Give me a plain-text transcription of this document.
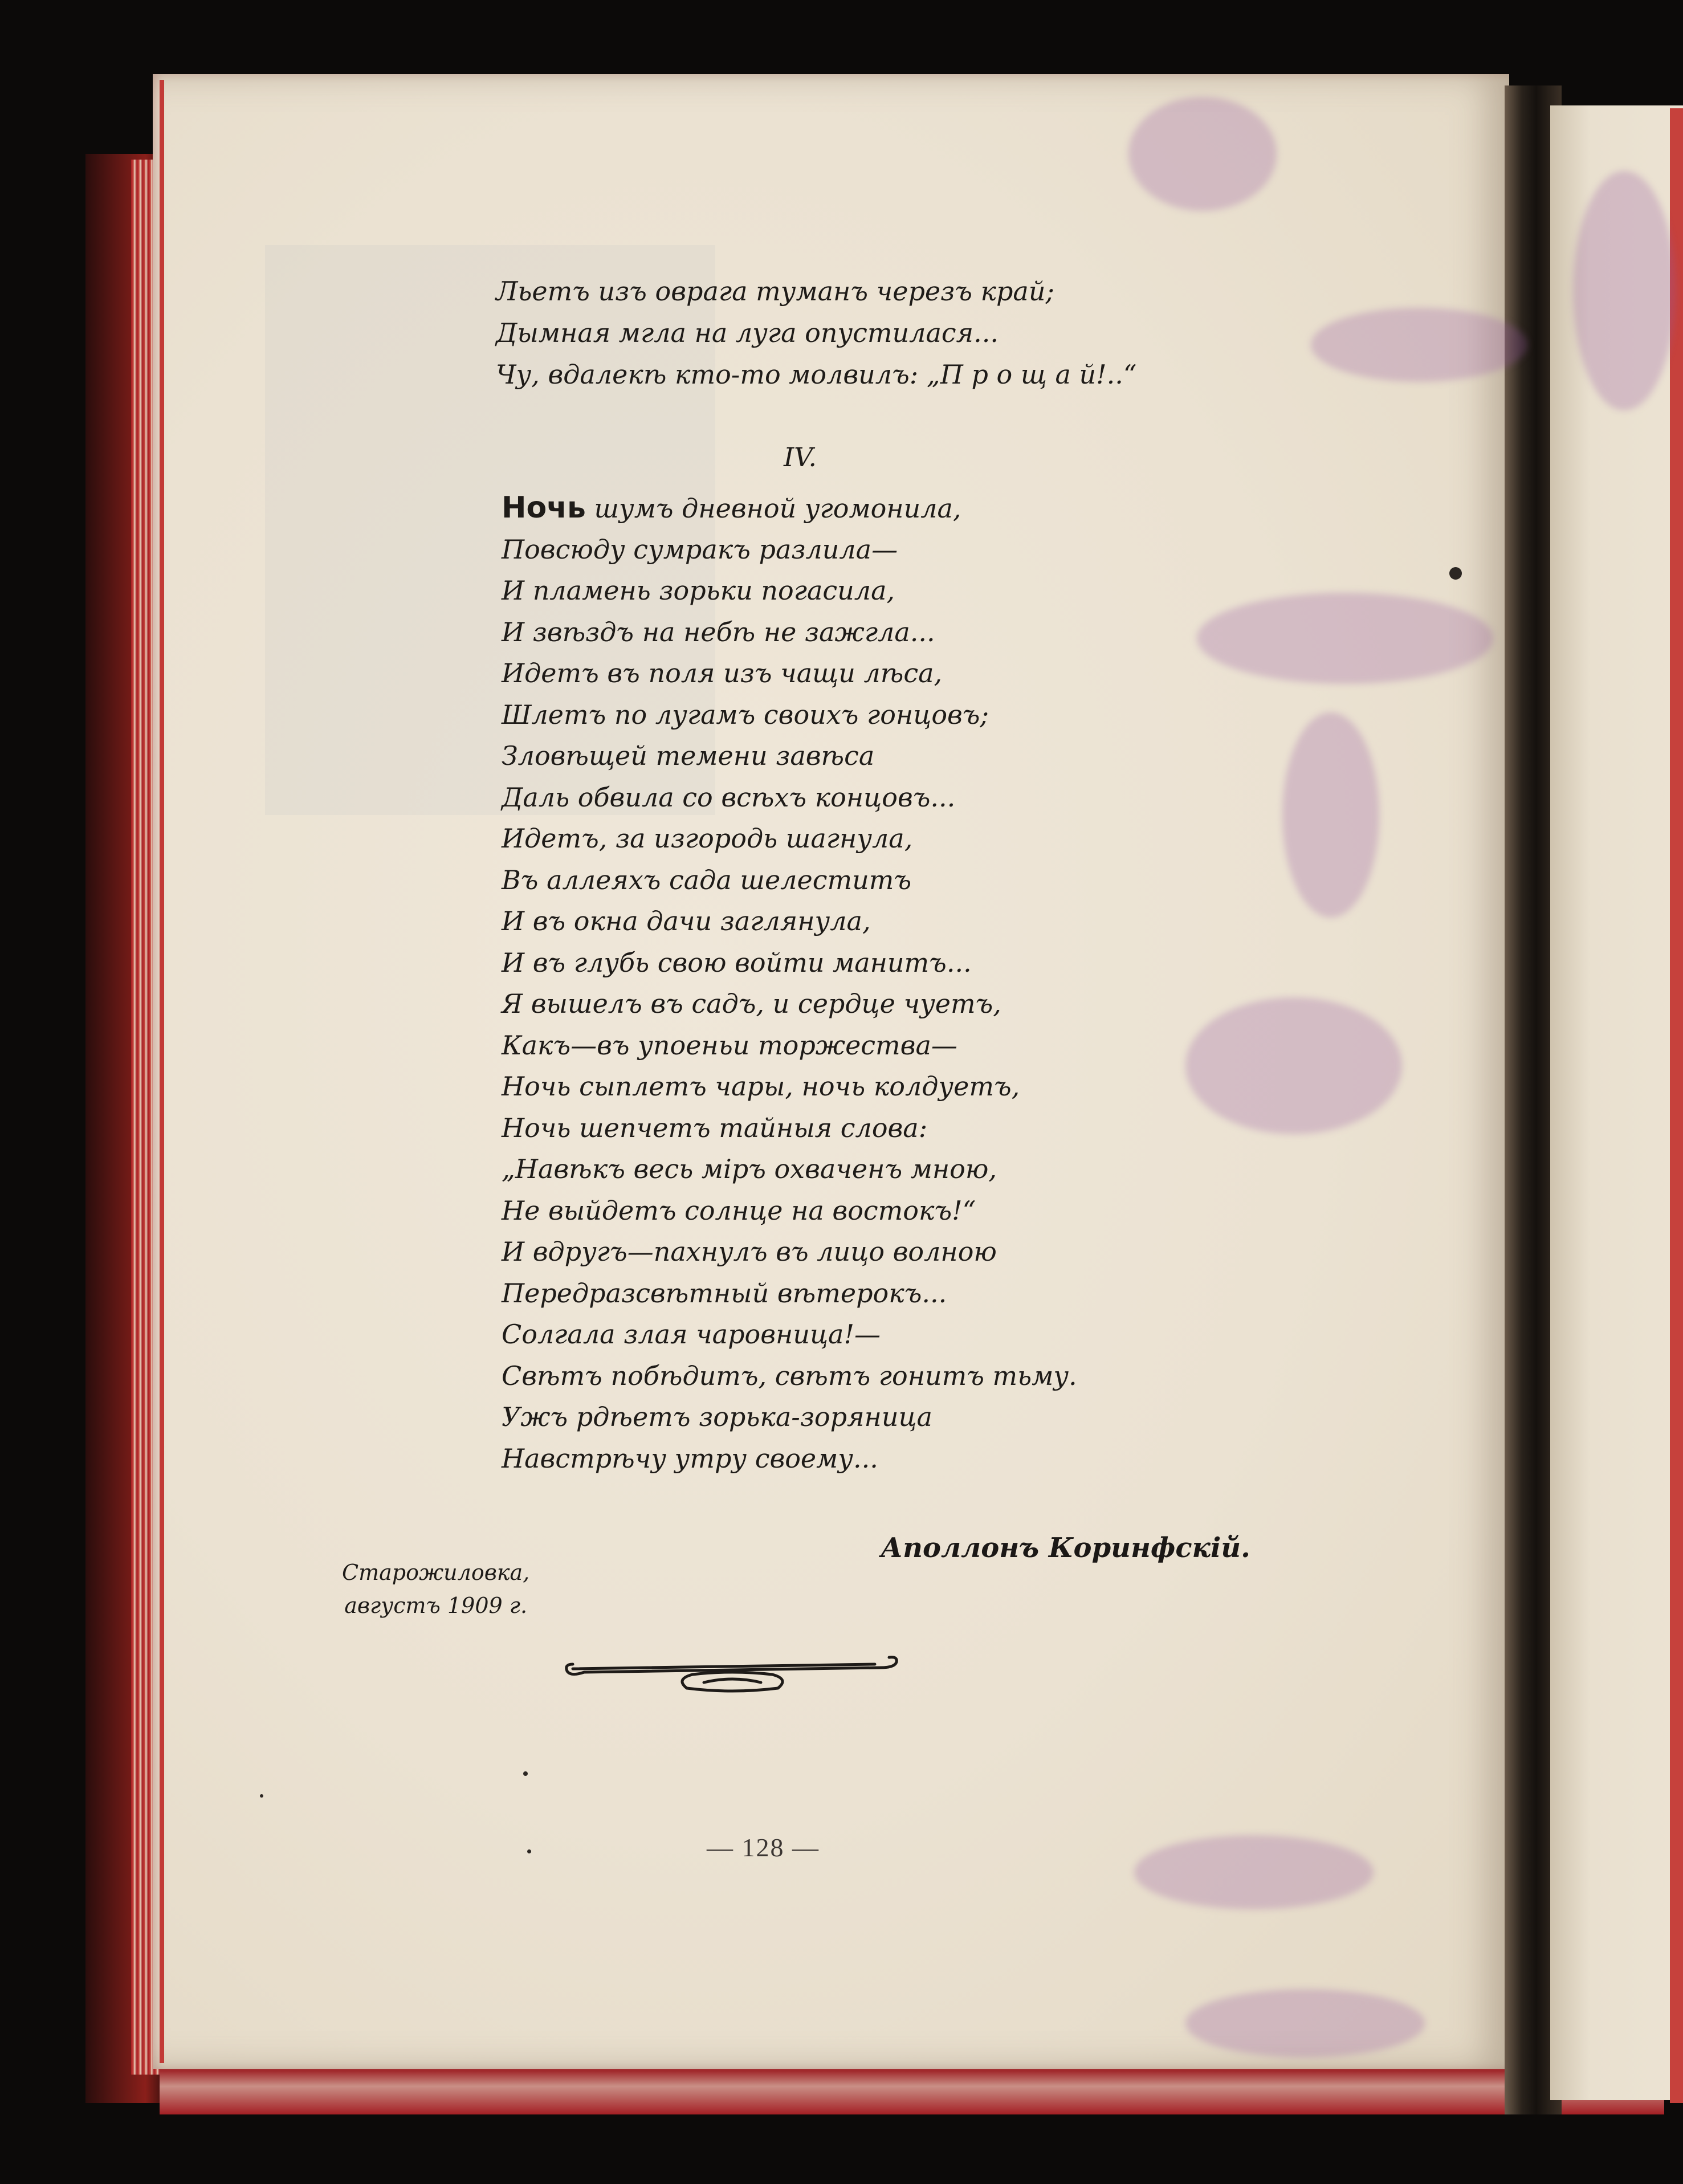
Льетъ изъ оврага туманъ черезъ край;
Дымная мгла на луга опустилася...
Чу, вдалекѣ кто-то молвилъ: „П р о щ а й!..“
IV.
Ночь шумъ дневной угомонила,
Повсюду сумракъ разлила—
И пламень зорьки погасила,
И звѣздъ на небѣ не зажгла...
Идетъ въ поля изъ чащи лѣса,
Шлетъ по лугамъ своихъ гонцовъ;
Зловѣщей темени завѣса
Даль обвила со всѣхъ концовъ...
Идетъ, за изгородь шагнула,
Въ аллеяхъ сада шелеститъ
И въ окна дачи заглянула,
И въ глубь свою войти манитъ...
Я вышелъ въ садъ, и сердце чуетъ,
Какъ—въ упоеньи торжества—
Ночь сыплетъ чары, ночь колдуетъ,
Ночь шепчетъ тайныя слова:
„Навѣкъ весь міръ охваченъ мною,
Не выйдетъ солнце на востокъ!“
И вдругъ—пахнулъ въ лицо волною
Передразсвѣтный вѣтерокъ...
Солгала злая чаровница!—
Свѣтъ побѣдитъ, свѣтъ гонитъ тьму.
Ужъ рдѣетъ зорька-зоряница
Навстрѣчу утру своему...
Аполлонъ Коринфскій.
Старожиловка,
августъ 1909 г.
— 128 —
